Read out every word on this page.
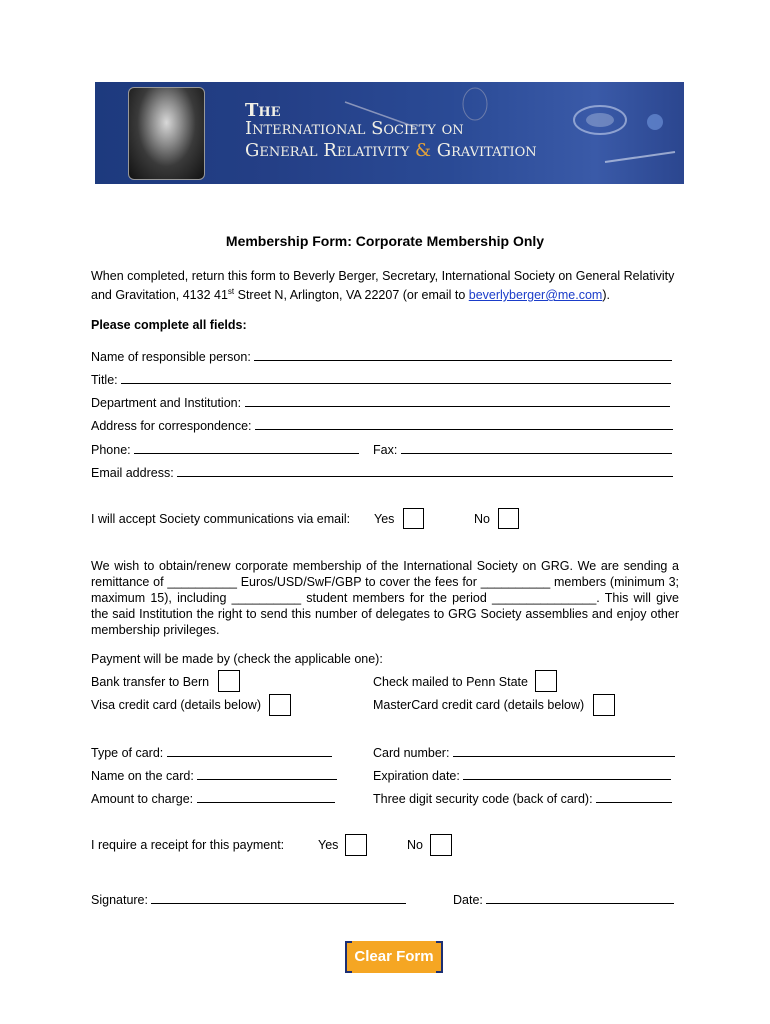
The
International Society on
General Relativity & Gravitation
Membership Form: Corporate Membership Only
When completed, return this form to Beverly Berger, Secretary, International Society on General Relativity and Gravitation, 4132 41st Street N, Arlington, VA 22207 (or email to beverlyberger@me.com).
Please complete all fields:
Name of responsible person:
Title:
Department and Institution:
Address for correspondence:
Phone:	Fax:
Email address:
I will accept Society communications via email: Yes	No
We wish to obtain/renew corporate membership of the International Society on GRG. We are sending a remittance of __________ Euros/USD/SwF/GBP to cover the fees for __________ members (minimum 3; maximum 15), including __________ student members for the period _______________. This will give the said Institution the right to send this number of delegates to GRG Society assemblies and enjoy other membership privileges.
Payment will be made by (check the applicable one):
Bank transfer to Bern	Check mailed to Penn State
Visa credit card (details below)	MasterCard credit card (details below)
Type of card:	Card number:
Name on the card:	Expiration date:
Amount to charge:	Three digit security code (back of card):
I require a receipt for this payment:	Yes	No
Signature:	Date:
Clear Form
